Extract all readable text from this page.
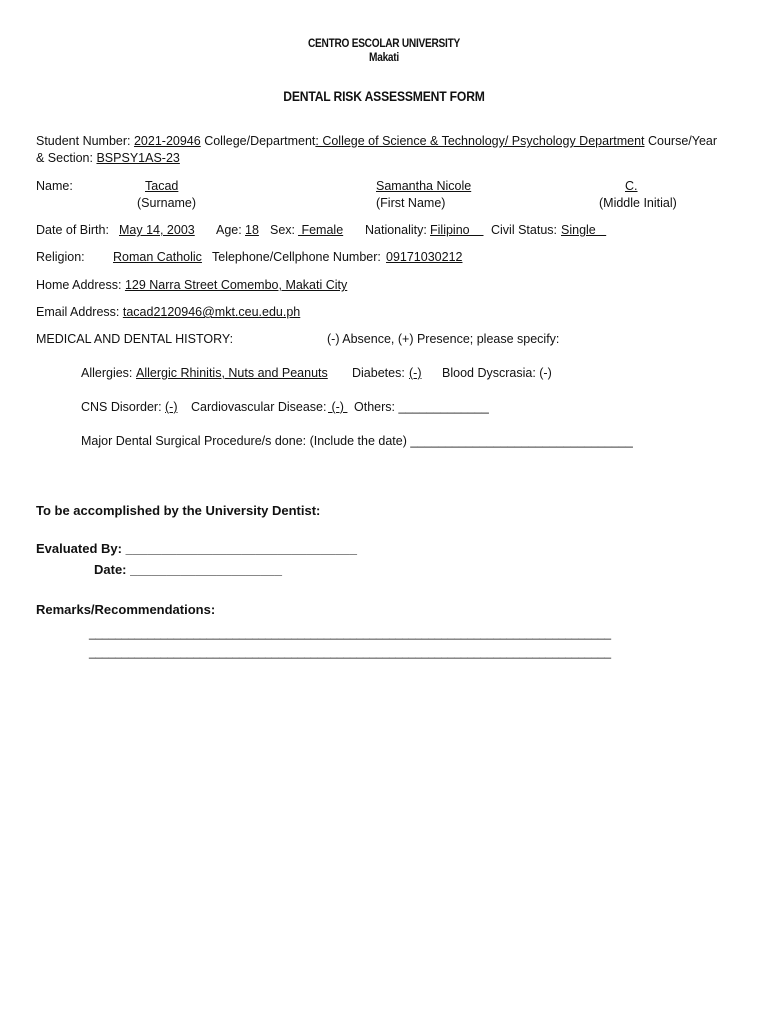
CENTRO ESCOLAR UNIVERSITY
Makati
DENTAL RISK ASSESSMENT FORM
Student Number: 2021-20946 College/Department: College of Science & Technology/ Psychology Department Course/Year
& Section: BSPSY1AS-23
Name:	Tacad	Samantha Nicole	C.
(Surname)	(First Name)	(Middle Initial)
Date of Birth: May 14, 2003 Age: 18 Sex: Female Nationality: Filipino Civil Status: Single
Religion: Roman Catholic Telephone/Cellphone Number: 09171030212
Home Address: 129 Narra Street Comembo, Makati City
Email Address: tacad2120946@mkt.ceu.edu.ph
MEDICAL AND DENTAL HISTORY:	(-) Absence, (+) Presence; please specify:
Allergies: Allergic Rhinitis, Nuts and Peanuts Diabetes: (-) Blood Dyscrasia: (-)
CNS Disorder: (-) Cardiovascular Disease: (-) Others: _____________
Major Dental Surgical Procedure/s done: (Include the date) ________________________________
To be accomplished by the University Dentist:
Evaluated By: ________________________________
Date: _____________________
Remarks/Recommendations:
________________________________________________________________________________
________________________________________________________________________________
